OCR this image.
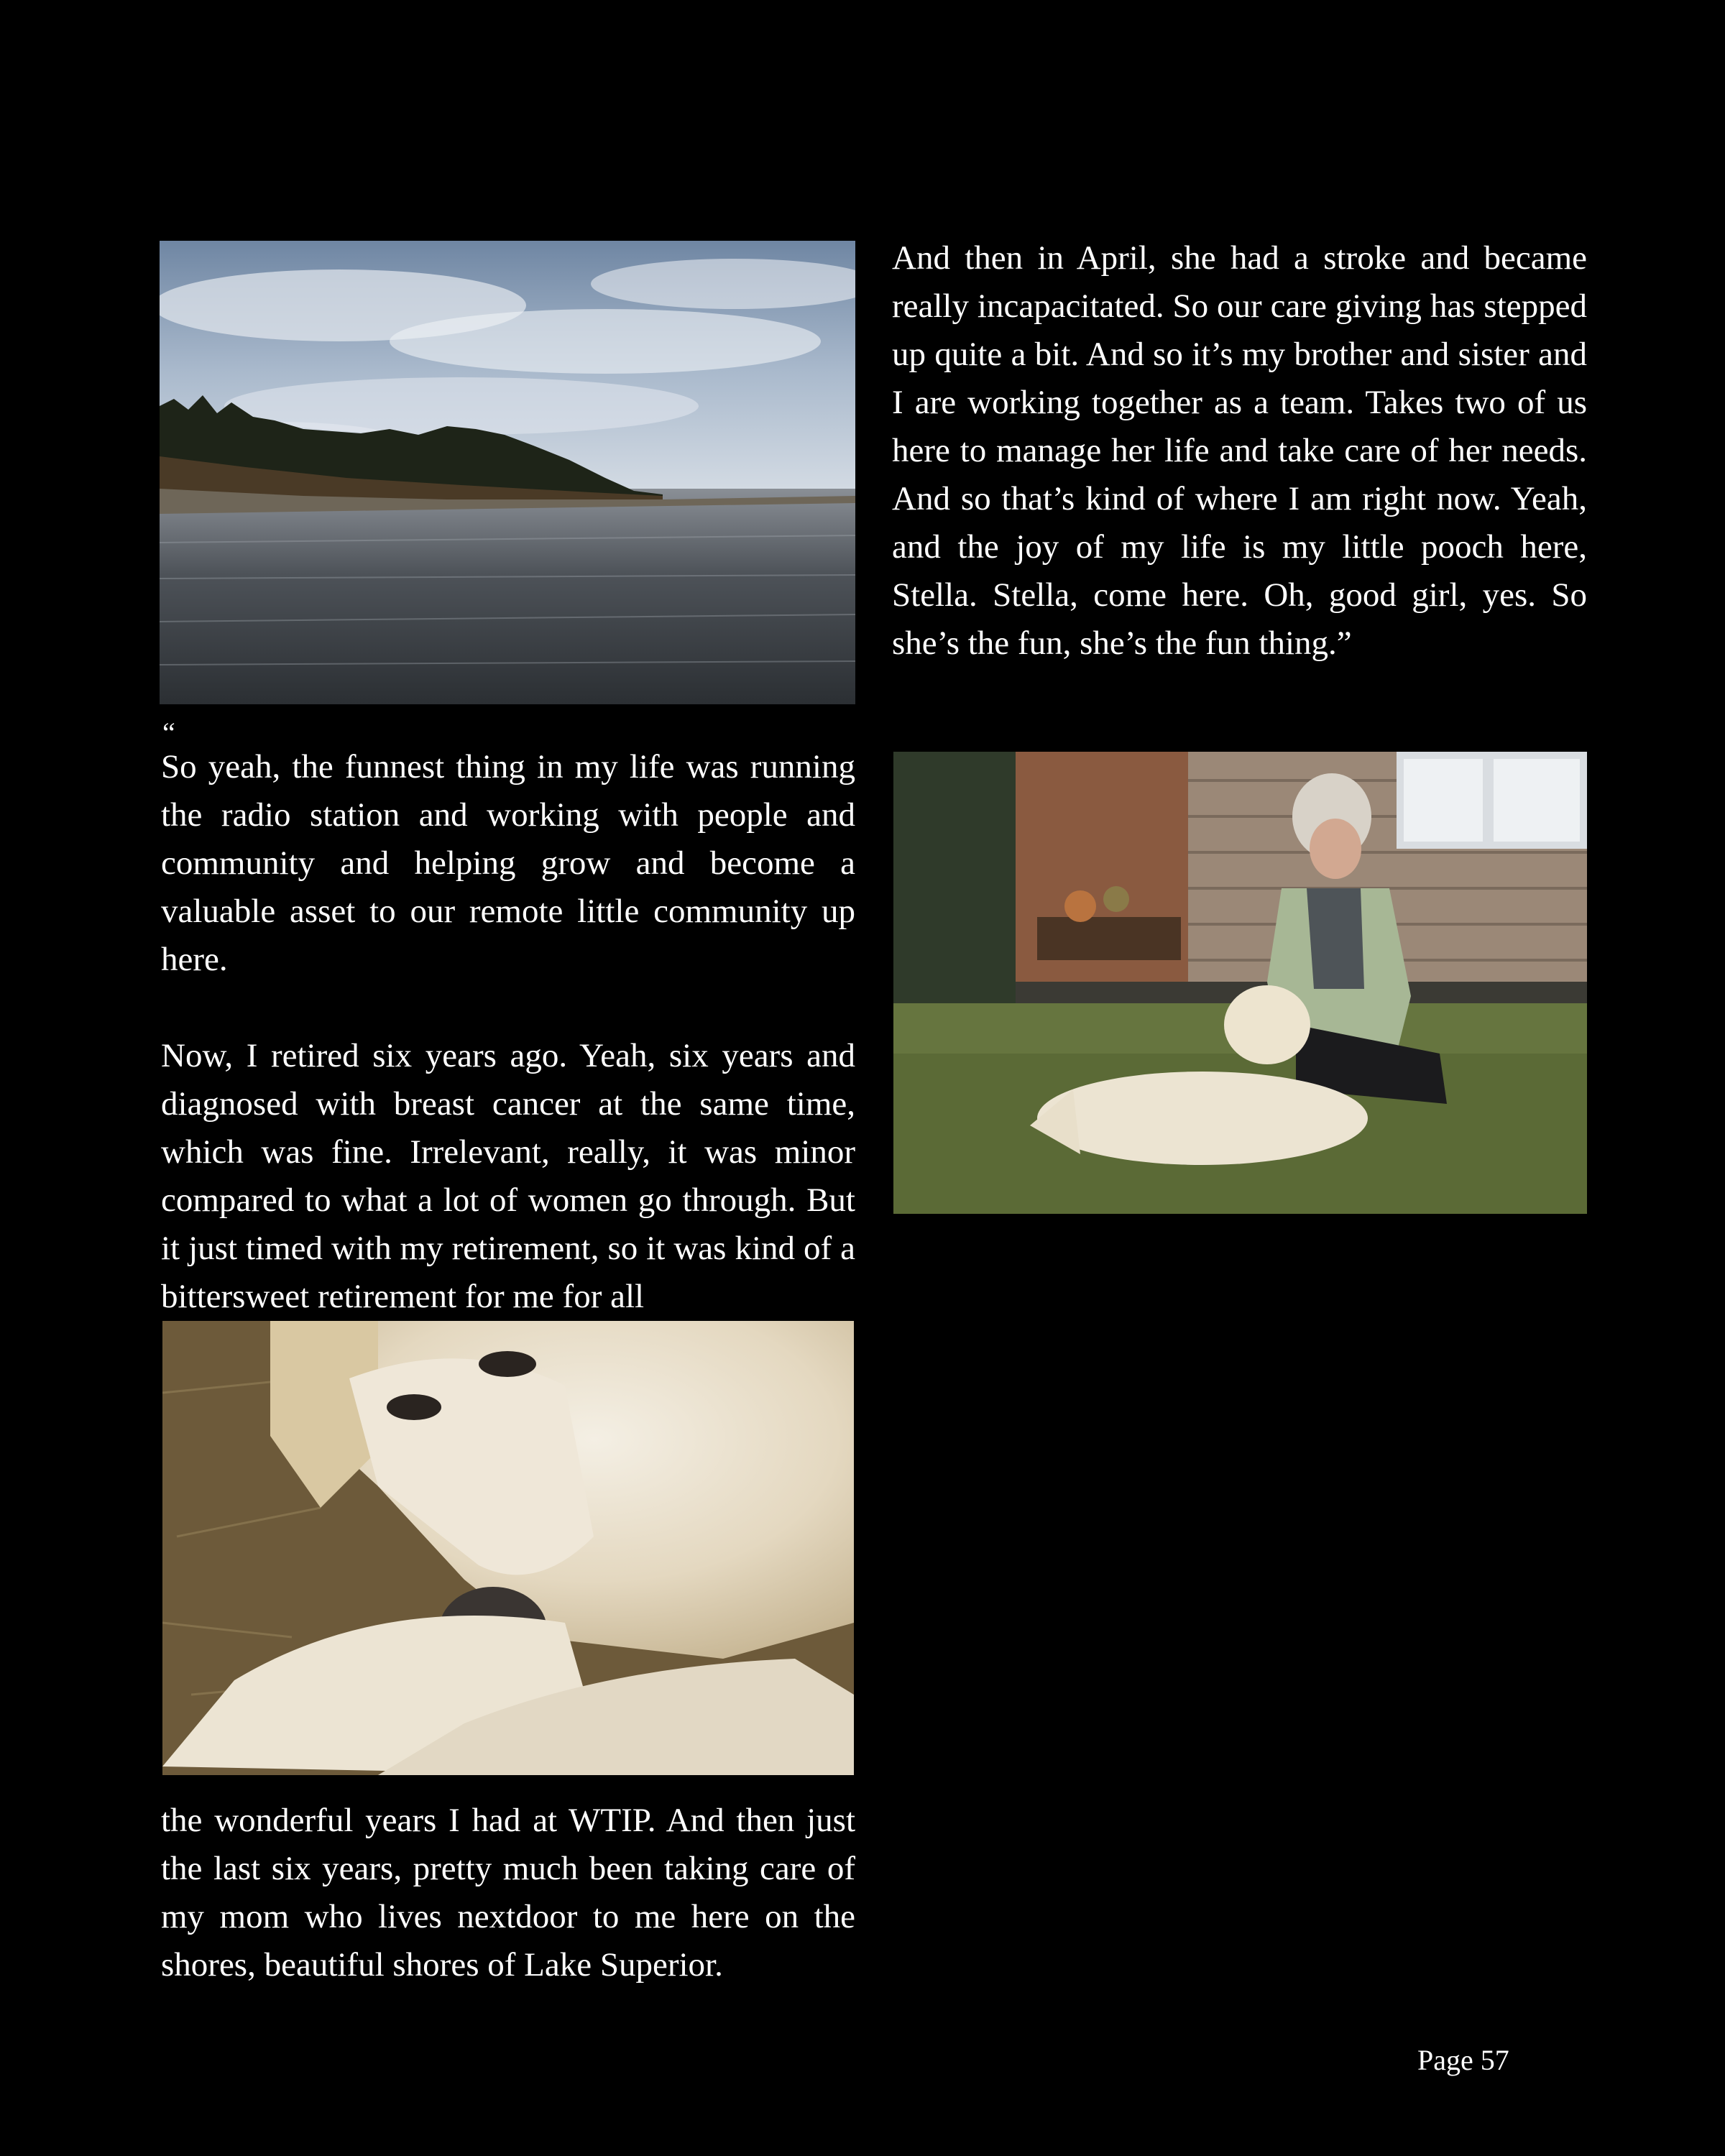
“

So yeah, the funnest thing in my life was running the radio station and working with people and community and helping grow and become a valuable asset to our remote little community up here.

Now, I retired six years ago. Yeah, six years and diagnosed with breast cancer at the same time, which was fine. Irrelevant, really, it was minor compared to what a lot of women go through. But it just timed with my retirement, so it was kind of a bittersweet retirement for me for all

the wonderful years I had at WTIP. And then just the last six years, pretty much been taking care of my mom who lives nextdoor to me here on the shores, beautiful shores of Lake Superior.

And then in April, she had a stroke and became really incapacitated. So our care giving has stepped up quite a bit. And so it’s my brother and sister and I are working together as a team. Takes two of us here to manage her life and take care of her needs. And so that’s kind of where I am right now. Yeah, and the joy of my life is my little pooch here, Stella. Stella, come here. Oh, good girl, yes. So she’s the fun, she’s the fun thing.”

Page 57
